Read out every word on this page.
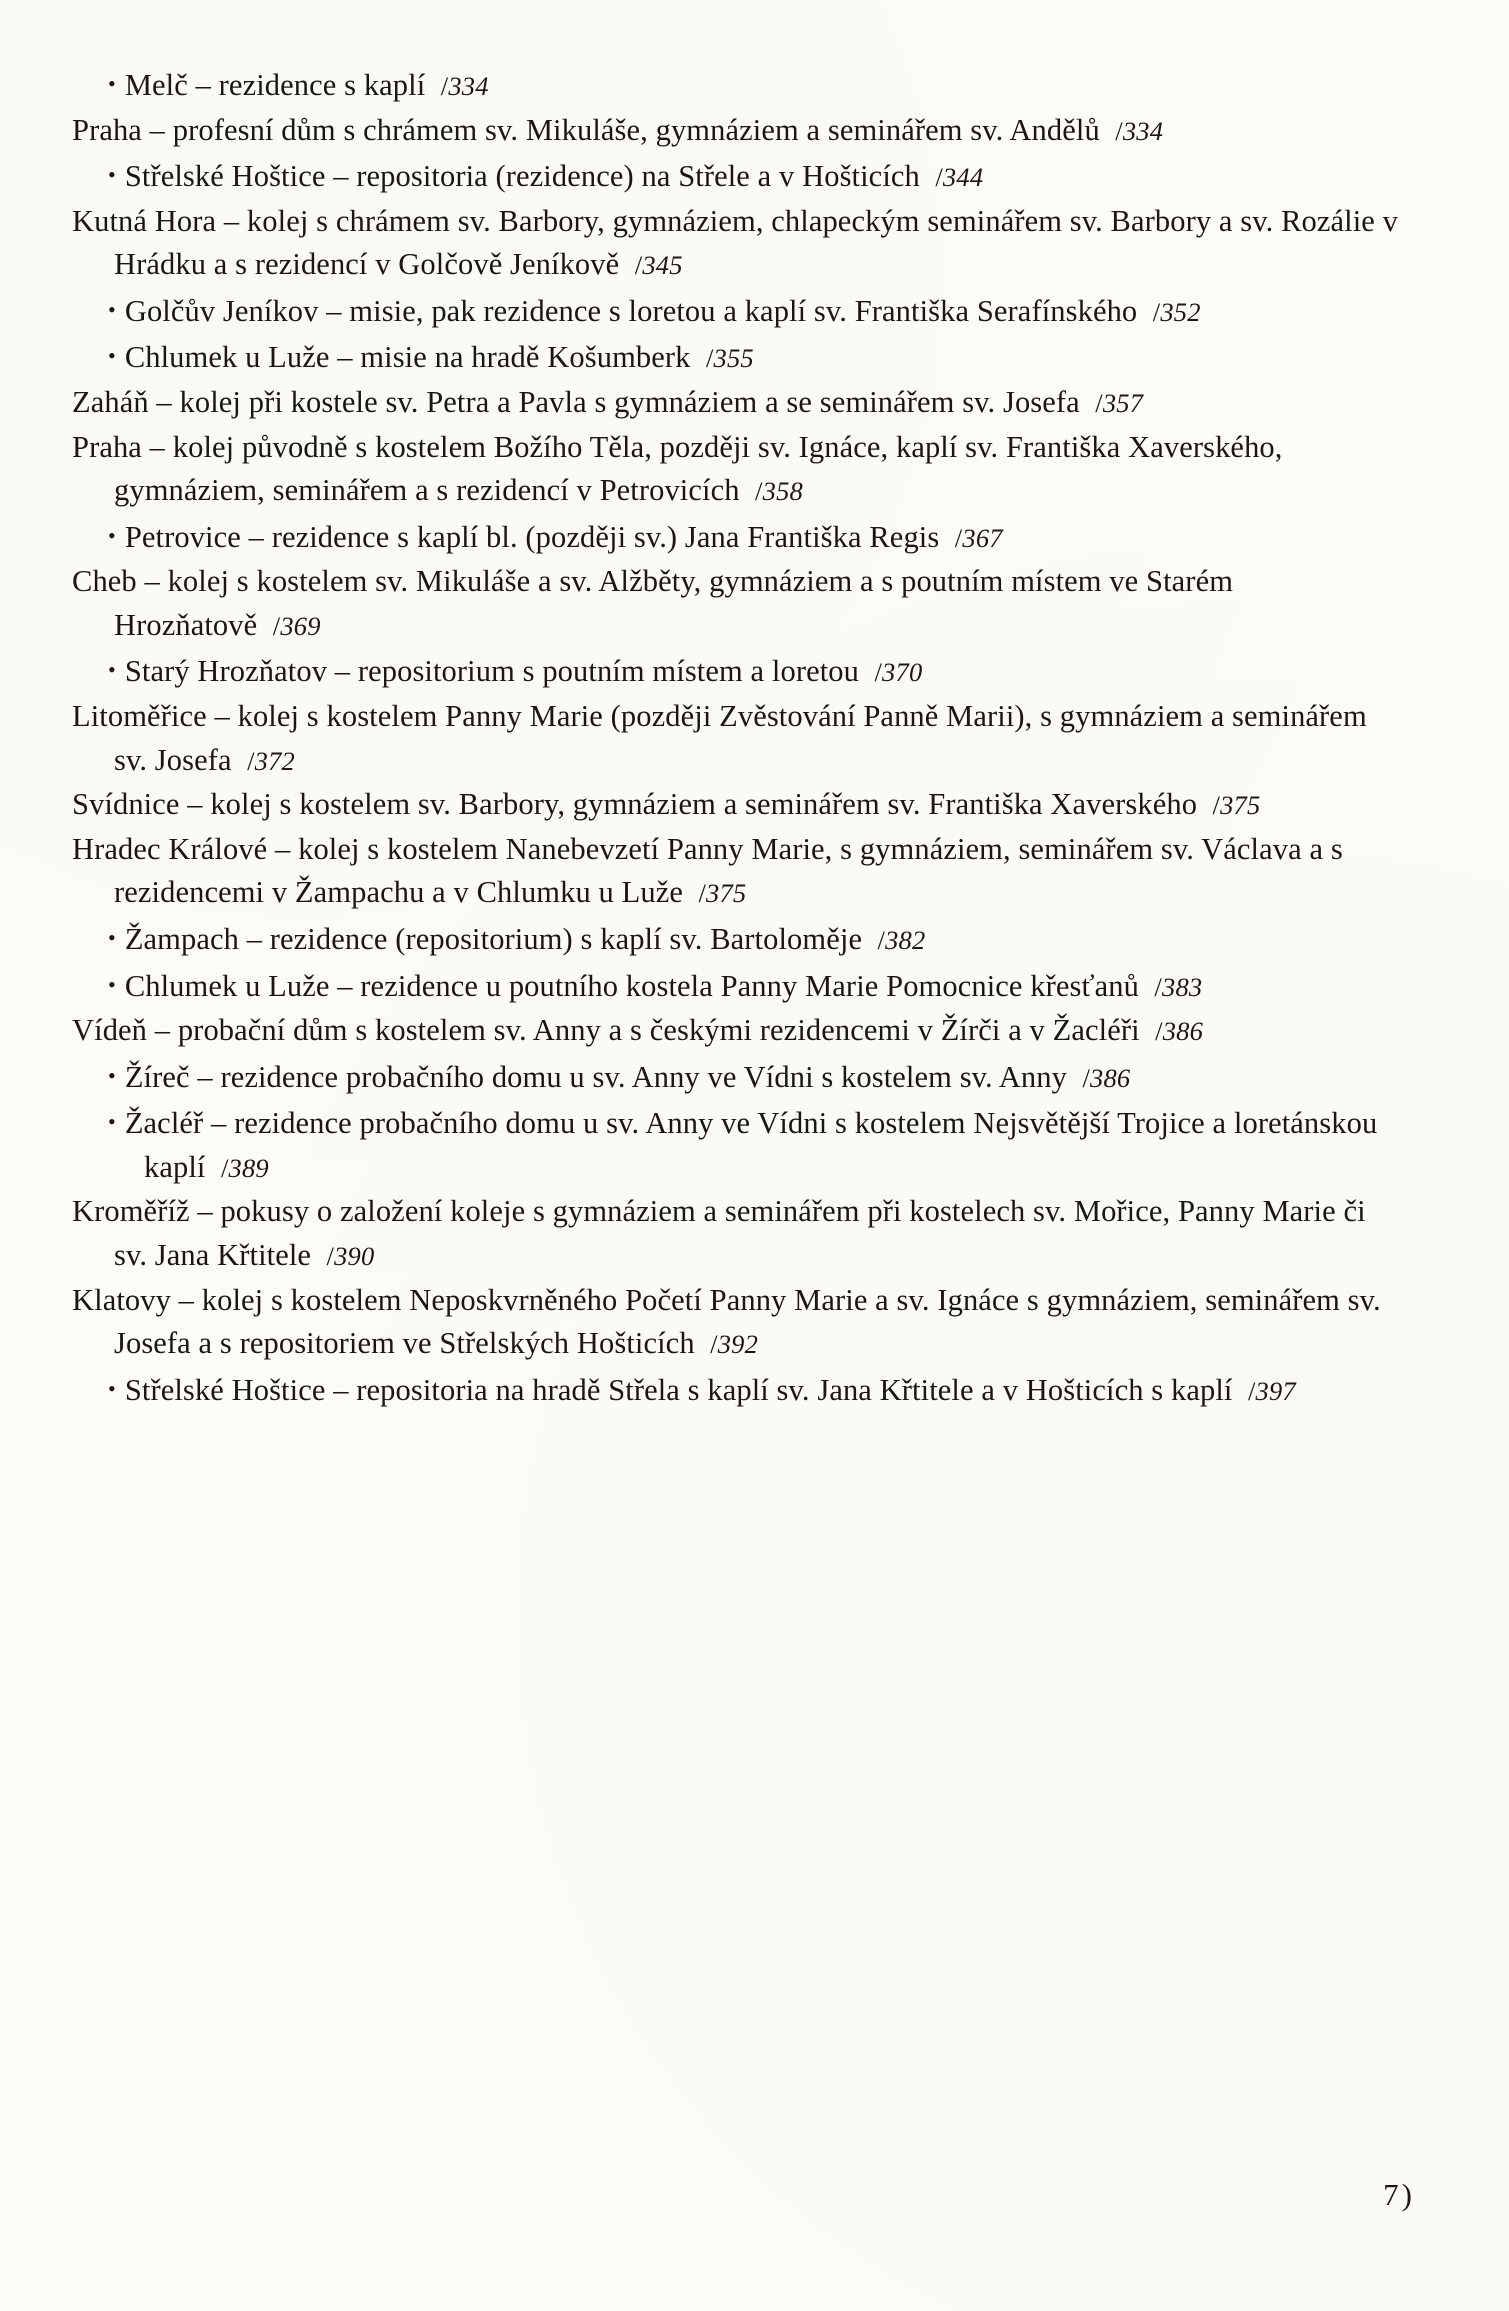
• Melč – rezidence s kaplí /334
Praha – profesní dům s chrámem sv. Mikuláše, gymnáziem a seminářem sv. Andělů /334
• Střelské Hoštice – repositoria (rezidence) na Střele a v Hošticích /344
Kutná Hora – kolej s chrámem sv. Barbory, gymnáziem, chlapeckým seminářem sv. Barbory a sv. Rozálie v Hrádku a s rezidencí v Golčově Jeníkově /345
• Golčův Jeníkov – misie, pak rezidence s loretou a kaplí sv. Františka Serafínského /352
• Chlumek u Luže – misie na hradě Košumberk /355
Zaháň – kolej při kostele sv. Petra a Pavla s gymnáziem a se seminářem sv. Josefa /357
Praha – kolej původně s kostelem Božího Těla, později sv. Ignáce, kaplí sv. Františka Xaverského, gymnáziem, seminářem a s rezidencí v Petrovicích /358
• Petrovice – rezidence s kaplí bl. (později sv.) Jana Františka Regis /367
Cheb – kolej s kostelem sv. Mikuláše a sv. Alžběty, gymnáziem a s poutním místem ve Starém Hrozňatově /369
• Starý Hrozňatov – repositorium s poutním místem a loretou /370
Litoměřice – kolej s kostelem Panny Marie (později Zvěstování Panně Marii), s gymnáziem a seminářem sv. Josefa /372
Svídnice – kolej s kostelem sv. Barbory, gymnáziem a seminářem sv. Františka Xaverského /375
Hradec Králové – kolej s kostelem Nanebevzetí Panny Marie, s gymnáziem, seminářem sv. Václava a s rezidencemi v Žampachu a v Chlumku u Luže /375
• Žampach – rezidence (repositorium) s kaplí sv. Bartoloměje /382
• Chlumek u Luže – rezidence u poutního kostela Panny Marie Pomocnice křesťanů /383
Vídeň – probační dům s kostelem sv. Anny a s českými rezidencemi v Žírči a v Žacléři /386
• Žíreč – rezidence probačního domu u sv. Anny ve Vídni s kostelem sv. Anny /386
• Žacléř – rezidence probačního domu u sv. Anny ve Vídni s kostelem Nejsvětější Trojice a loretánskou kaplí /389
Kroměříž – pokusy o založení koleje s gymnáziem a seminářem při kostelech sv. Mořice, Panny Marie či sv. Jana Křtitele /390
Klatovy – kolej s kostelem Neposkvrněného Početí Panny Marie a sv. Ignáce s gymnáziem, seminářem sv. Josefa a s repositoriem ve Střelských Hošticích /392
• Střelské Hoštice – repositoria na hradě Střela s kaplí sv. Jana Křtitele a v Hošticích s kaplí /397
7)
